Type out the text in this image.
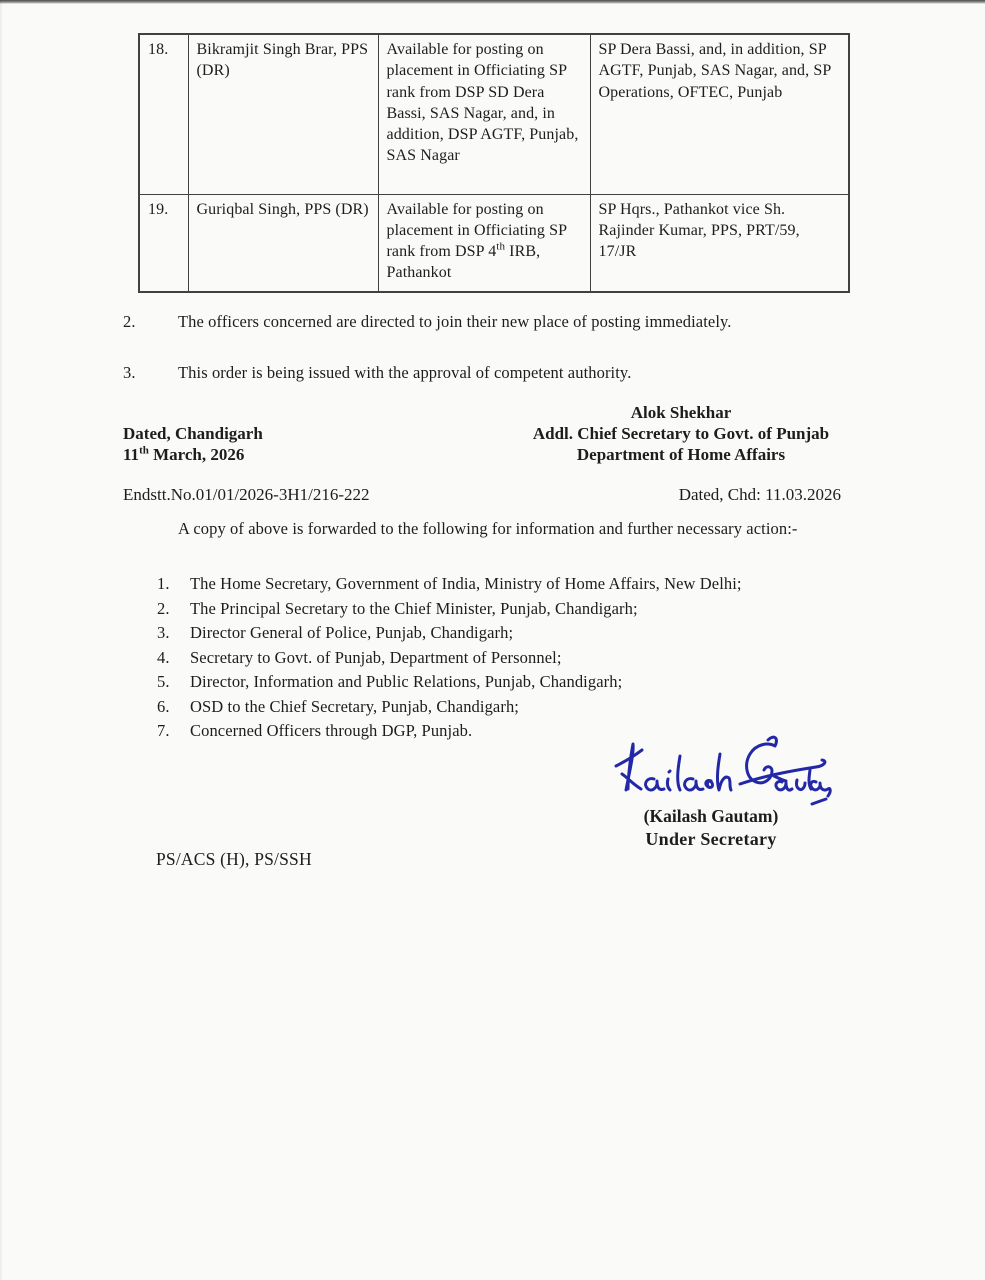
18.	Bikramjit Singh Brar, PPS (DR)	Available for posting on placement in Officiating SP rank from DSP SD Dera Bassi, SAS Nagar, and, in addition, DSP AGTF, Punjab, SAS Nagar	SP Dera Bassi, and, in addition, SP AGTF, Punjab, SAS Nagar, and, SP Operations, OFTEC, Punjab
19.	Guriqbal Singh, PPS (DR)	Available for posting on placement in Officiating SP rank from DSP 4th IRB, Pathankot	SP Hqrs., Pathankot vice Sh. Rajinder Kumar, PPS, PRT/59, 17/JR
2.	The officers concerned are directed to join their new place of posting immediately.
3.	This order is being issued with the approval of competent authority.
Alok Shekhar
Addl. Chief Secretary to Govt. of Punjab
Department of Home Affairs
Dated, Chandigarh
11th March, 2026
Endstt.No.01/01/2026-3H1/216-222	Dated, Chd: 11.03.2026
A copy of above is forwarded to the following for information and further necessary action:-
1.	The Home Secretary, Government of India, Ministry of Home Affairs, New Delhi;
2.	The Principal Secretary to the Chief Minister, Punjab, Chandigarh;
3.	Director General of Police, Punjab, Chandigarh;
4.	Secretary to Govt. of Punjab, Department of Personnel;
5.	Director, Information and Public Relations, Punjab, Chandigarh;
6.	OSD to the Chief Secretary, Punjab, Chandigarh;
7.	Concerned Officers through DGP, Punjab.
(Kailash Gautam)
Under Secretary
PS/ACS (H), PS/SSH
